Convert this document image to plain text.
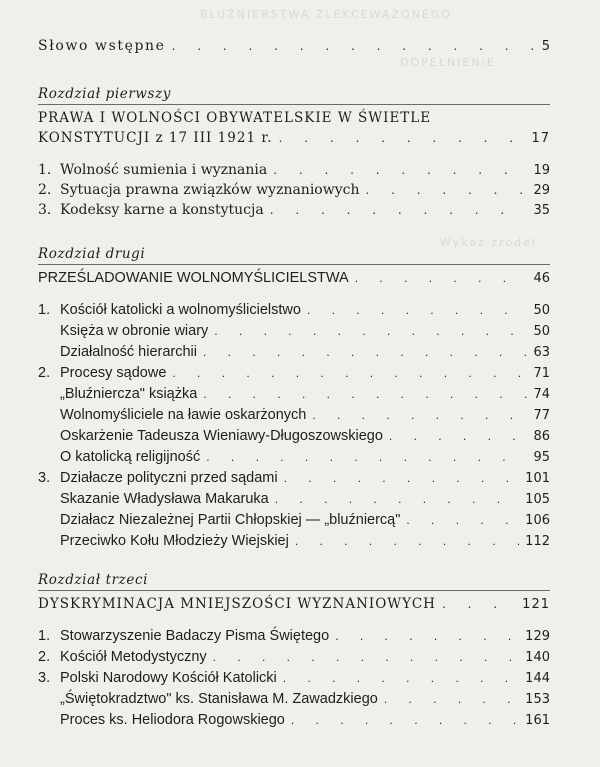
BLUŹNIERSTWA ZLEKCEWAŻONEGO
DOPEŁNIENIE
Wykaz źródeł
Słowo wstępne . . .	5
Rozdział pierwszy
PRAWA I WOLNOŚCI OBYWATELSKIE W ŚWIETLE
KONSTYTUCJI z 17 III 1921 r. . . .	17
1. Wolność sumienia i wyznania . . .	19
2. Sytuacja prawna związków wyznaniowych . . .	29
3. Kodeksy karne a konstytucja . . .	35
Rozdział drugi
PRZEŚLADOWANIE WOLNOMYŚLICIELSTWA . . .	46
1. Kościół katolicki a wolnomyślicielstwo . . .	50
Księża w obronie wiary . . .	50
Działalność hierarchii . . .	63
2. Procesy sądowe . . .	71
„Bluźniercza" książka . . .	74
Wolnomyśliciele na ławie oskarżonych . . .	77
Oskarżenie Tadeusza Wieniawy-Długoszowskiego . . .	86
O katolicką religijność . . .	95
3. Działacze polityczni przed sądami . . .	101
Skazanie Władysława Makaruka . . .	105
Działacz Niezależnej Partii Chłopskiej — „bluźniercą" . . .	106
Przeciwko Kołu Młodzieży Wiejskiej . . .	112
Rozdział trzeci
DYSKRYMINACJA MNIEJSZOŚCI WYZNANIOWYCH . . .	121
1. Stowarzyszenie Badaczy Pisma Świętego . . .	129
2. Kościół Metodystyczny . . .	140
3. Polski Narodowy Kościół Katolicki . . .	144
„Świętokradztwo" ks. Stanisława M. Zawadzkiego . . .	153
Proces ks. Heliodora Rogowskiego . . .	161
